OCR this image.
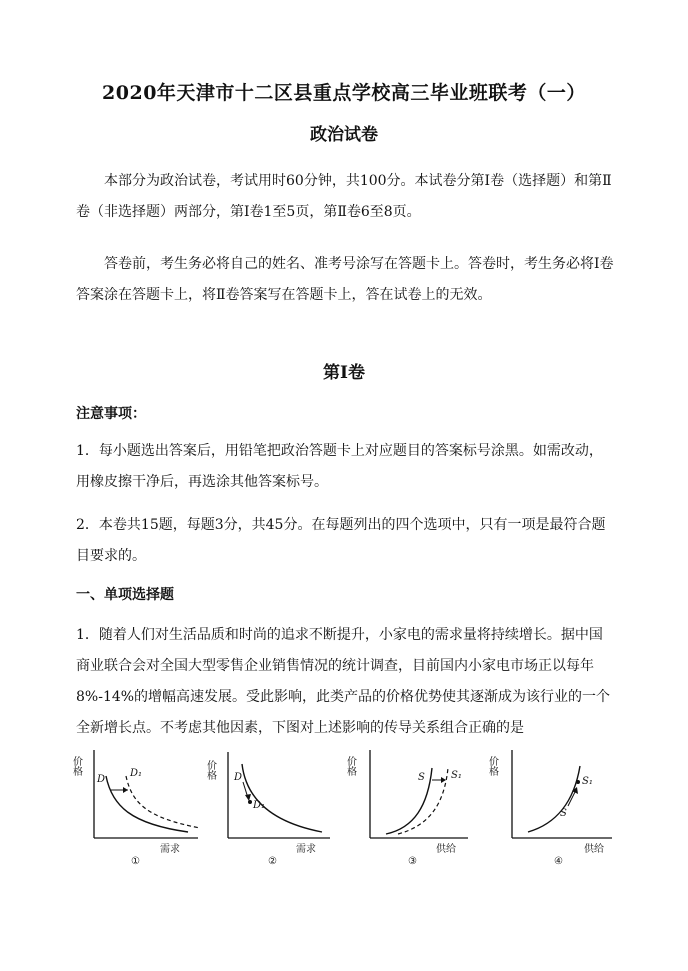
2020年天津市十二区县重点学校高三毕业班联考（一）
政治试卷
本部分为政治试卷，考试用时60分钟，共100分。本试卷分第Ⅰ卷（选择题）和第Ⅱ卷（非选择题）两部分，第Ⅰ卷1至5页，第Ⅱ卷6至8页。
答卷前，考生务必将自己的姓名、准考号涂写在答题卡上。答卷时，考生务必将Ⅰ卷答案涂在答题卡上，将Ⅱ卷答案写在答题卡上，答在试卷上的无效。
第Ⅰ卷
注意事项：
1．每小题选出答案后，用铅笔把政治答题卡上对应题目的答案标号涂黑。如需改动，用橡皮擦干净后，再选涂其他答案标号。
2．本卷共15题，每题3分，共45分。在每题列出的四个选项中，只有一项是最符合题目要求的。
一、单项选择题
1．随着人们对生活品质和时尚的追求不断提升，小家电的需求量将持续增长。据中国商业联合会对全国大型零售企业销售情况的统计调查，目前国内小家电市场正以每年8%-14%的增幅高速发展。受此影响，此类产品的价格优势使其逐渐成为该行业的一个全新增长点。不考虑其他因素，下图对上述影响的传导关系组合正确的是
价格
D
D₁
需求
①
价格 D
D₁
需求
②
价格
S	S₁
供给
③
价格
S
S₁
供给
④
